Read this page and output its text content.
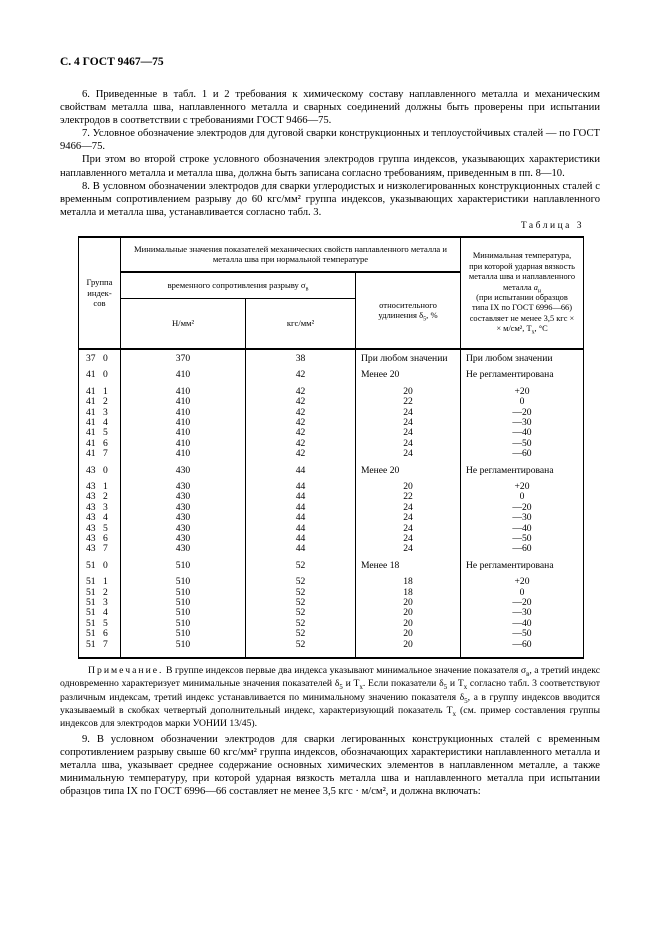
С. 4 ГОСТ 9467—75

6. Приведенные в табл. 1 и 2 требования к химическому составу наплавленного металла и механическим свойствам металла шва, наплавленного металла и сварных соединений должны быть проверены при испытании электродов в соответствии с требованиями ГОСТ 9466—75.

7. Условное обозначение электродов для дуговой сварки конструкционных и теплоустойчивых сталей — по ГОСТ 9466—75.

При этом во второй строке условного обозначения электродов группа индексов, указывающих характеристики наплавленного металла и металла шва, должна быть записана согласно требованиям, приведенным в пп. 8—10.

8. В условном обозначении электродов для сварки углеродистых и низколегированных конструкционных сталей с временным сопротивлением разрыву до 60 кгс/мм² группа индексов, указывающих характеристики наплавленного металла и металла шва, устанавливается согласно табл. 3.

Таблица 3
Группа
индек-
сов	Минимальные значения показателей механических свойств наплавленного металла и металла шва при нормальной температуре	Минимальная температура,
при которой ударная вязкость
металла шва и наплавленного
металла $а_н$
(при испытании образцов
типа IX по ГОСТ 6996—66)
составляет не менее 3,5 кгс ×
× м/см², $Т_х$, °С
	временного сопротивления разрыву $\sigma_в$		относительного
удлинения $\delta_5$, %	
	Н/мм²	кгс/мм²		
37 0	370	38	При любом значении	При любом значении
41 0	410	42	Менее 20	Не регламентирована
41 1	410	42	20	+20
41 2	410	42	22	0
41 3	410	42	24	—20
41 4	410	42	24	—30
41 5	410	42	24	—40
41 6	410	42	24	—50
41 7	410	42	24	—60
43 0	430	44	Менее 20	Не регламентирована
43 1	430	44	20	+20
43 2	430	44	22	0
43 3	430	44	24	—20
43 4	430	44	24	—30
43 5	430	44	24	—40
43 6	430	44	24	—50
43 7	430	44	24	—60
51 0	510	52	Менее 18	Не регламентирована
51 1	510	52	18	+20
51 2	510	52	18	0
51 3	510	52	20	—20
51 4	510	52	20	—30
51 5	510	52	20	—40
51 6	510	52	20	—50
51 7	510	52	20	—60

Примечание. В группе индексов первые два индекса указывают минимальное значение показателя $\sigma_в$, а третий индекс одновременно характеризует минимальные значения показателей $\delta_5$ и $Т_х$. Если показатели $\delta_5$ и $Т_х$ согласно табл. 3 соответствуют различным индексам, третий индекс устанавливается по минимальному значению показателя $\delta_5$, а в группу индексов вводится указываемый в скобках четвертый дополнительный индекс, характеризующий показатель $Т_х$ (см. пример составления группы индексов для электродов марки УОНИИ 13/45).

9. В условном обозначении электродов для сварки легированных конструкционных сталей с временным сопротивлением разрыву свыше 60 кгс/мм² группа индексов, обозначающих характеристики наплавленного металла и металла шва, указывает среднее содержание основных химических элементов в наплавленном металле, а также минимальную температуру, при которой ударная вязкость металла шва и наплавленного металла при испытании образцов типа IX по ГОСТ 6996—66 составляет не менее 3,5 кгс · м/см², и должна включать:
